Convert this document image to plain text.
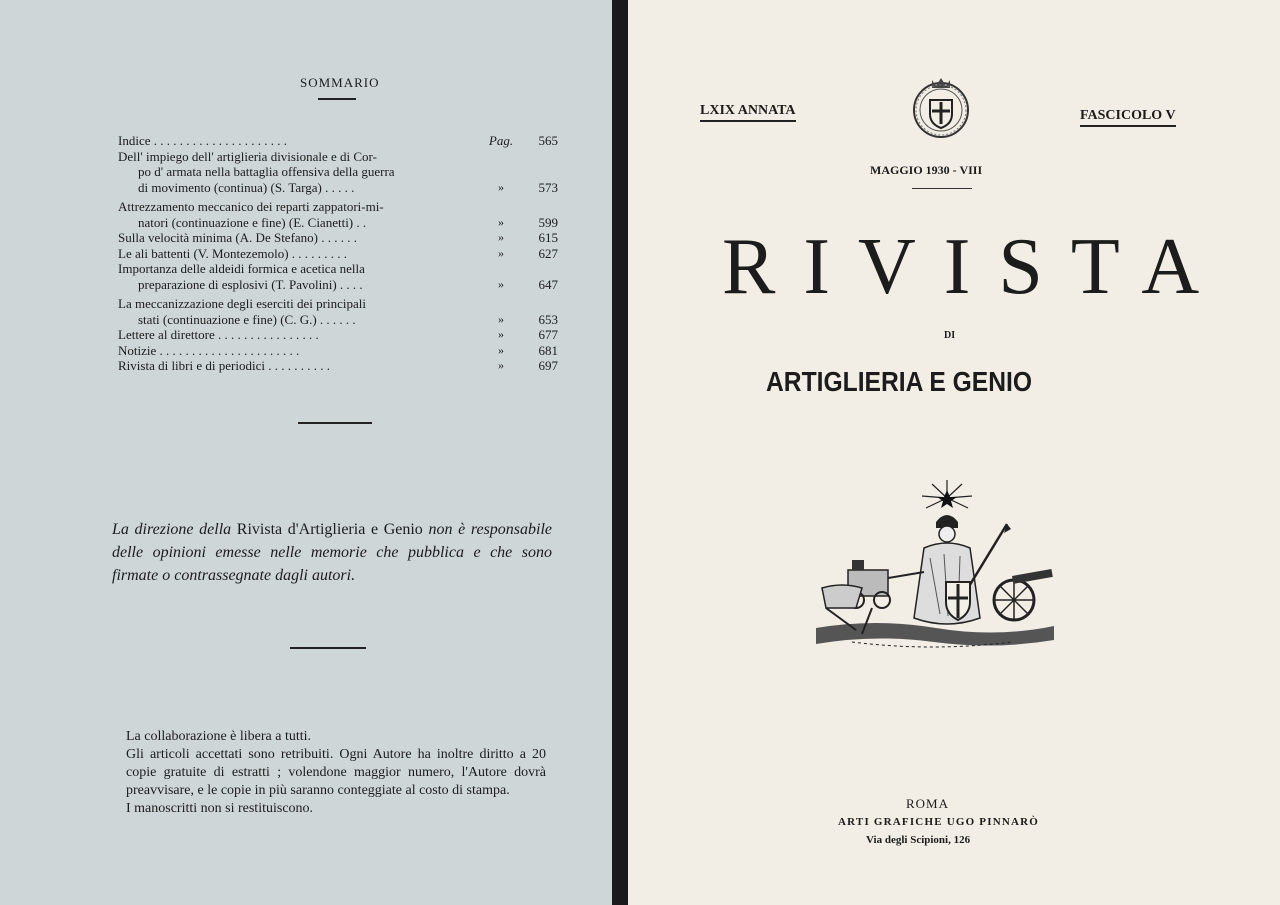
SOMMARIO
Indice . . . . . . . . . . . . . . . . . . . . .	Pag.	565
Dell' impiego dell' artiglieria divisionale e di Cor-
po d' armata nella battaglia offensiva della guerra
di movimento (continua) (S. Targa) . . . . .	»	573
Attrezzamento meccanico dei reparti zappatori-mi-
natori (continuazione e fine) (E. Cianetti) . .	»	599
Sulla velocità minima (A. De Stefano) . . . . . .	»	615
Le ali battenti (V. Montezemolo) . . . . . . . . .	»	627
Importanza delle aldeidi formica e acetica nella
preparazione di esplosivi (T. Pavolini) . . . .	»	647
La meccanizzazione degli eserciti dei principali
stati (continuazione e fine) (C. G.) . . . . . .	»	653
Lettere al direttore . . . . . . . . . . . . . . . .	»	677
Notizie . . . . . . . . . . . . . . . . . . . . . .	»	681
Rivista di libri e di periodici . . . . . . . . . .	»	697
La direzione della Rivista d'Artiglieria e Genio non è responsabile delle opinioni emesse nelle memorie che pubblica e che sono firmate o contrassegnate dagli autori.

La collaborazione è libera a tutti.

Gli articoli accettati sono retribuiti. Ogni Autore ha inoltre diritto a 20 copie gratuite di estratti ; volendone maggior numero, l'Autore dovrà preavvisare, e le copie in più saranno conteggiate al costo di stampa.

I manoscritti non si restituiscono.

LXIX ANNATA	FASCICOLO V
MAGGIO 1930 - VIII
RIVISTA
DI
ARTIGLIERIA E GENIO
ROMA
ARTI GRAFICHE UGO PINNARÒ
Via degli Scipioni, 126
